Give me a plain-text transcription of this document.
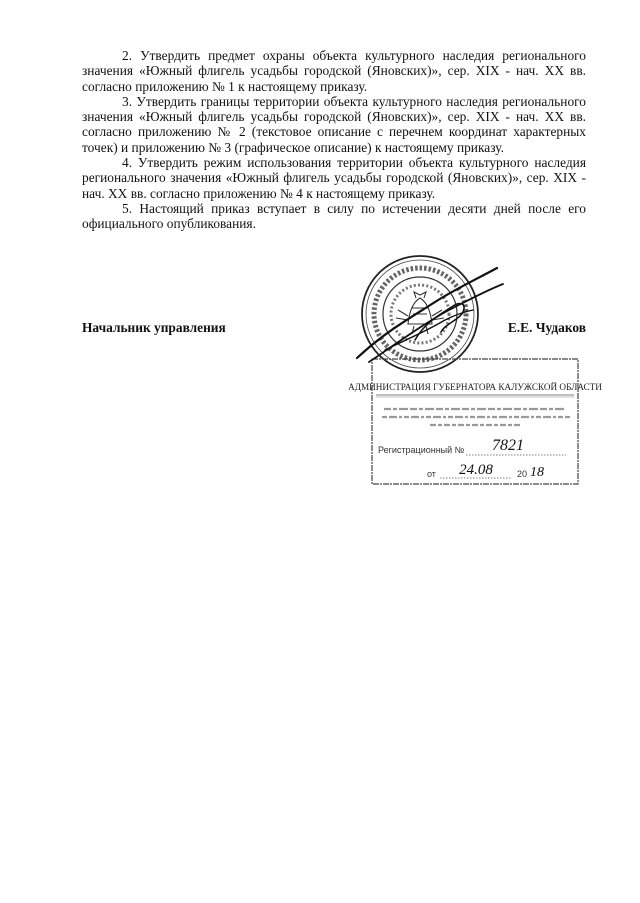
2. Утвердить предмет охраны объекта культурного наследия регионального значения «Южный флигель усадьбы городской (Яновских)», сер. XIX - нач. XX вв. согласно приложению № 1 к настоящему приказу.

3. Утвердить границы территории объекта культурного наследия регионального значения «Южный флигель усадьбы городской (Яновских)», сер. XIX - нач. XX вв. согласно приложению № 2 (текстовое описание с перечнем координат характерных точек) и приложению № 3 (графическое описание) к настоящему приказу.

4. Утвердить режим использования территории объекта культурного наследия регионального значения «Южный флигель усадьбы городской (Яновских)», сер. XIX - нач. XX вв. согласно приложению № 4 к настоящему приказу.

5. Настоящий приказ вступает в силу по истечении десяти дней после его официального опубликования.

АДМИНИСТРАЦИЯ ГУБЕРНАТОРА КАЛУЖСКОЙ ОБЛАСТИ
Регистрационный № 7821
от 24.08	20 18
Начальник управления	Е.Е. Чудаков
